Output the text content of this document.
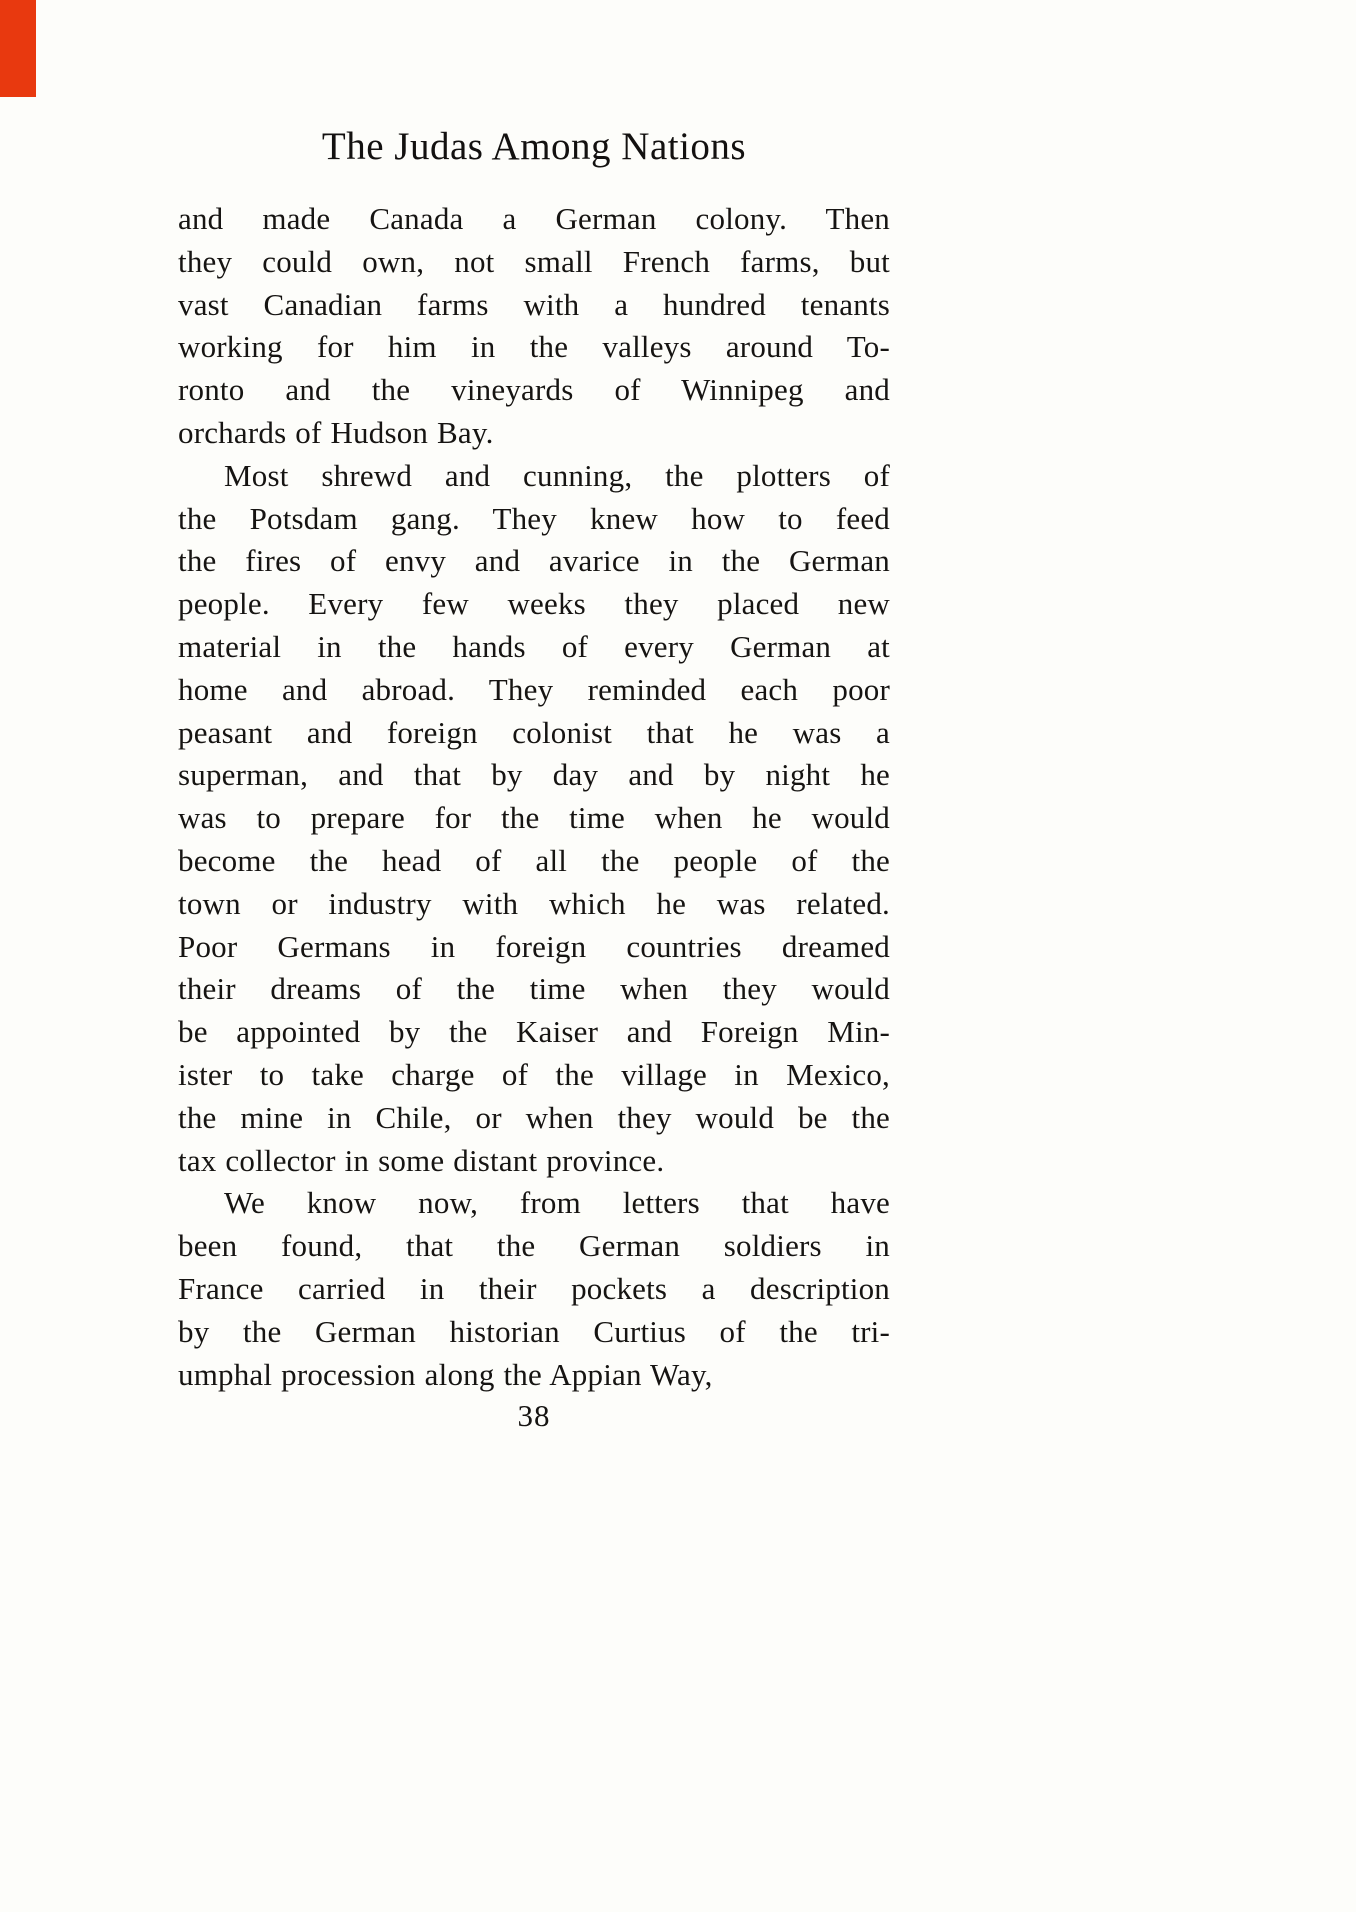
The Judas Among Nations
and made Canada a German colony. Then
they could own, not small French farms, but
vast Canadian farms with a hundred tenants
working for him in the valleys around To-
ronto and the vineyards of Winnipeg and
orchards of Hudson Bay.
Most shrewd and cunning, the plotters of
the Potsdam gang. They knew how to feed
the fires of envy and avarice in the German
people. Every few weeks they placed new
material in the hands of every German at
home and abroad. They reminded each poor
peasant and foreign colonist that he was a
superman, and that by day and by night he
was to prepare for the time when he would
become the head of all the people of the
town or industry with which he was related.
Poor Germans in foreign countries dreamed
their dreams of the time when they would
be appointed by the Kaiser and Foreign Min-
ister to take charge of the village in Mexico,
the mine in Chile, or when they would be the
tax collector in some distant province.
We know now, from letters that have
been found, that the German soldiers in
France carried in their pockets a description
by the German historian Curtius of the tri-
umphal procession along the Appian Way,
38
